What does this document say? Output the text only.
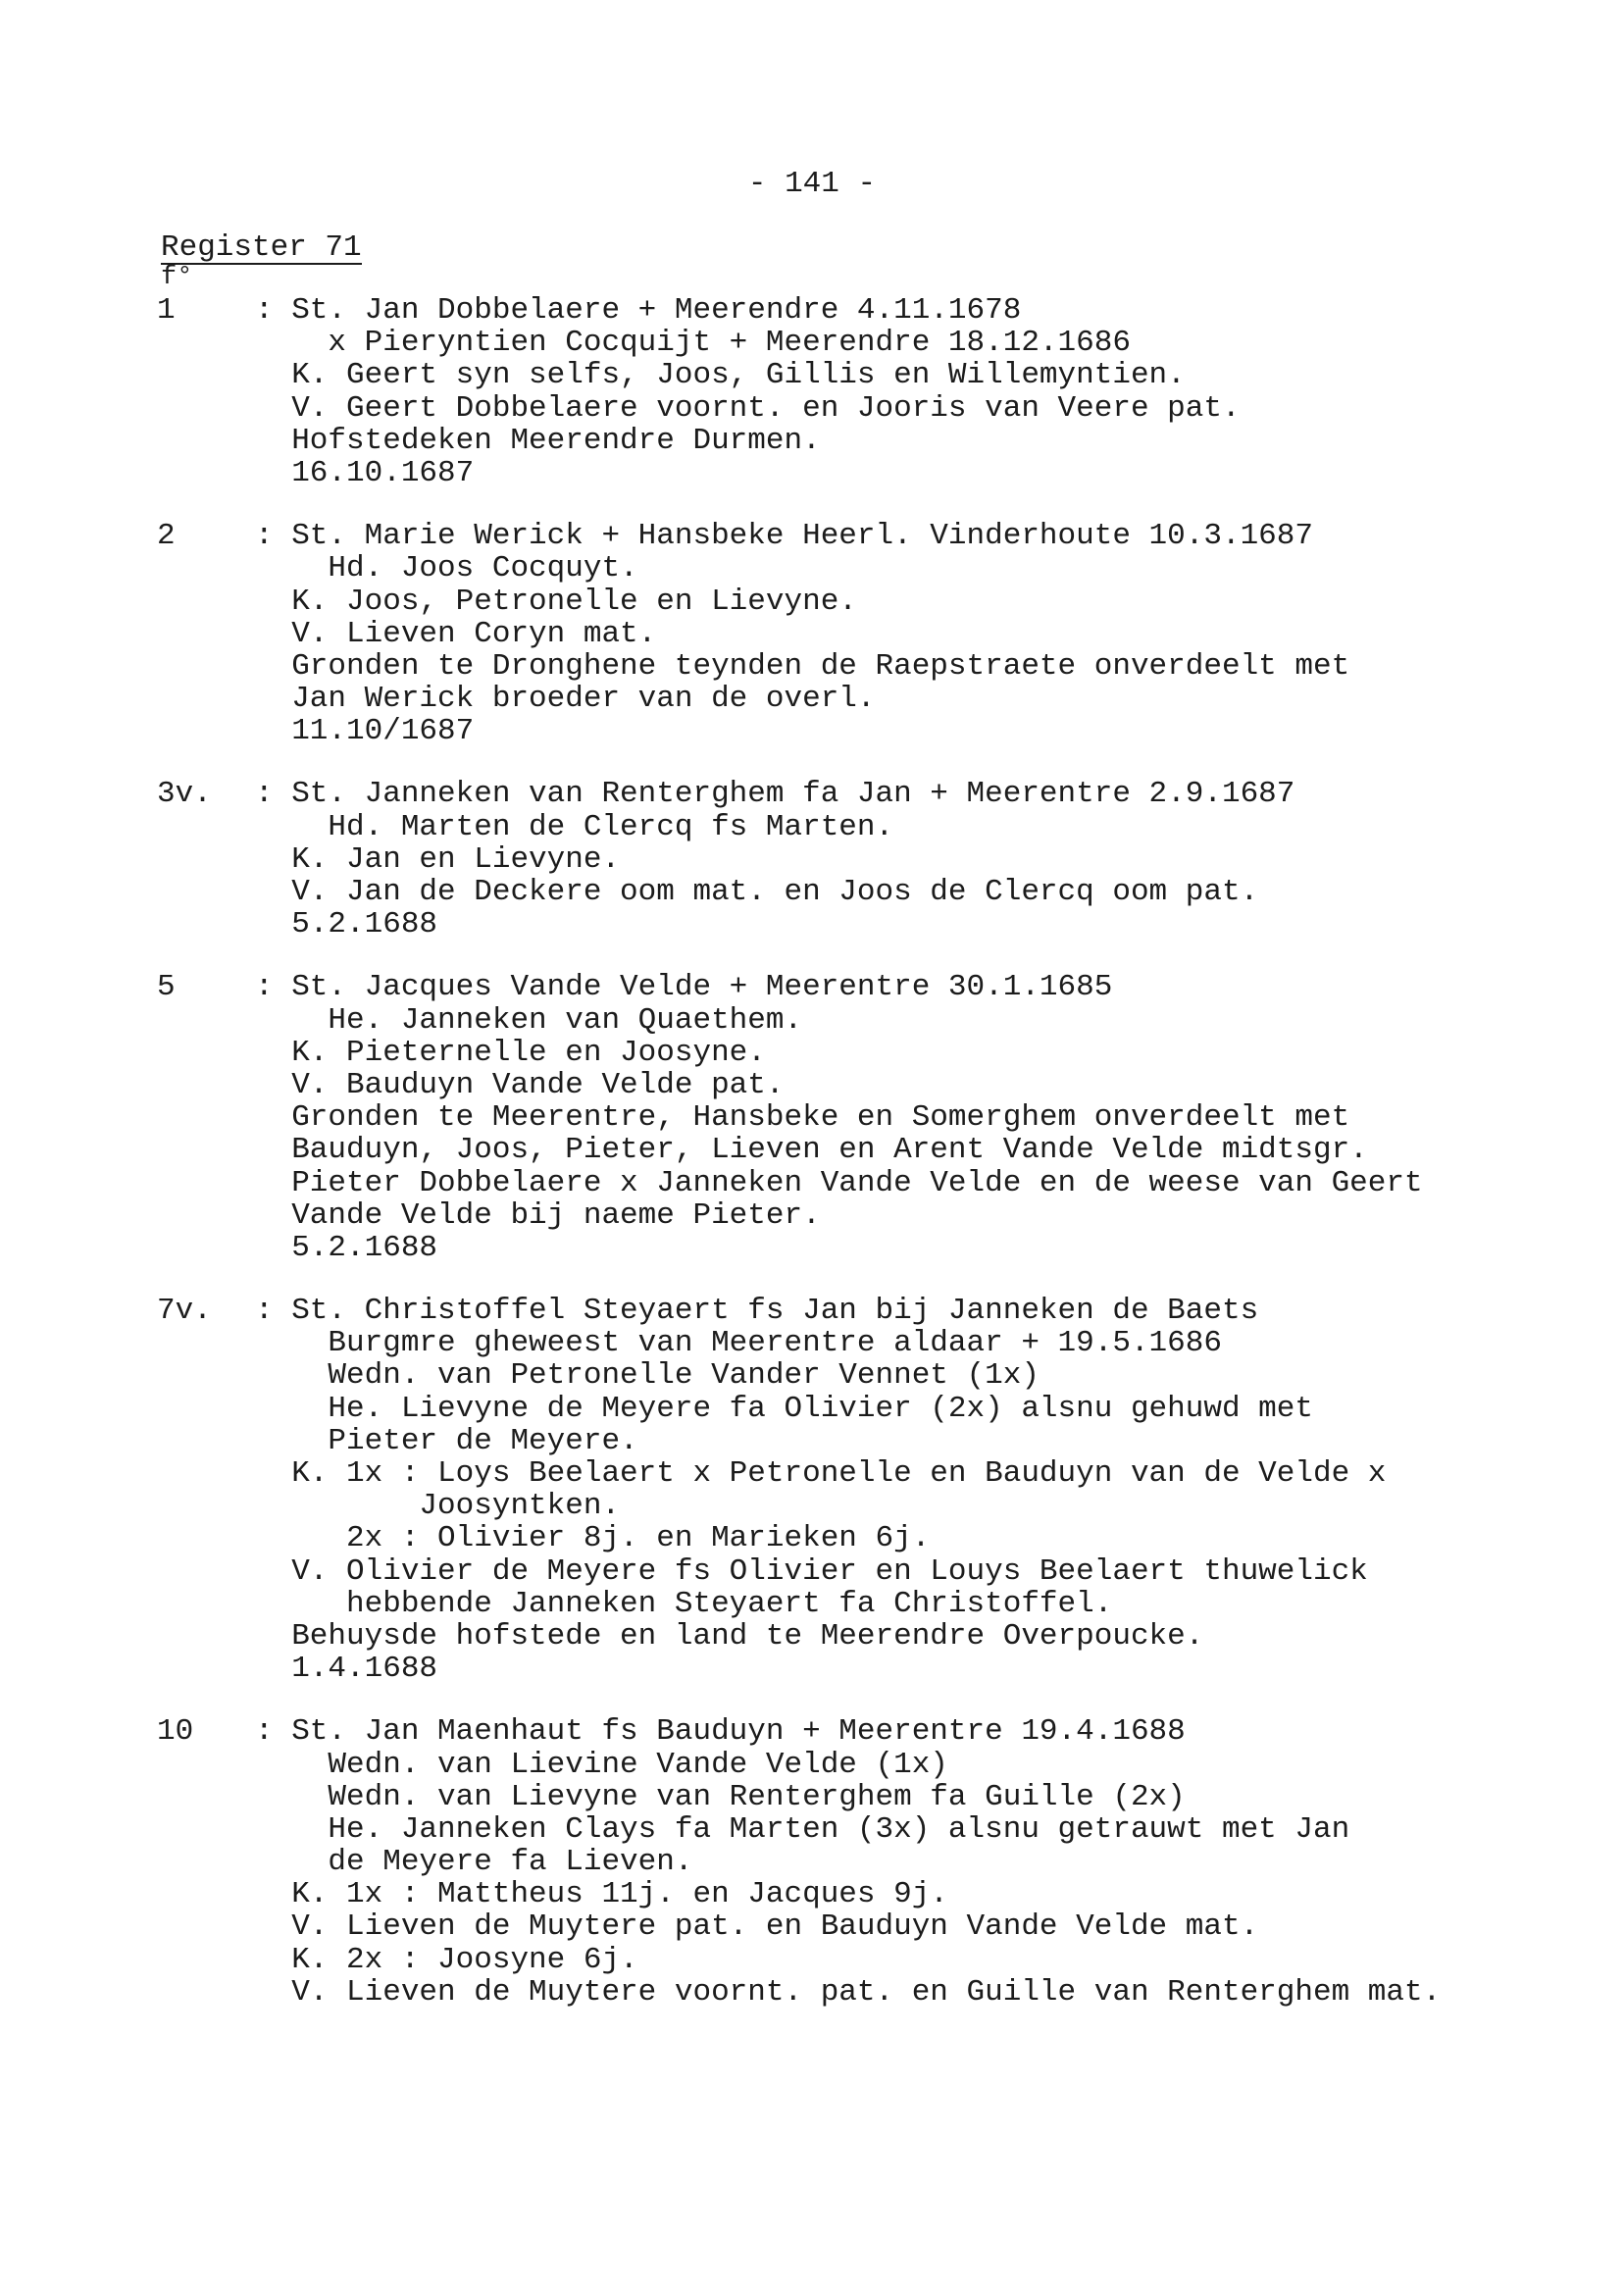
- 141 -
Register 71
f°
1	: St. Jan Dobbelaere + Meerendre 4.11.1678
x Pieryntien Cocquijt + Meerendre 18.12.1686
K. Geert syn selfs, Joos, Gillis en Willemyntien.
V. Geert Dobbelaere voornt. en Jooris van Veere pat.
Hofstedeken Meerendre Durmen.
16.10.1687
2	: St. Marie Werick + Hansbeke Heerl. Vinderhoute 10.3.1687
Hd. Joos Cocquyt.
K. Joos, Petronelle en Lievyne.
V. Lieven Coryn mat.
Gronden te Dronghene teynden de Raepstraete onverdeelt met
Jan Werick broeder van de overl.
11.10/1687
3v. : St. Janneken van Renterghem fa Jan + Meerentre 2.9.1687
Hd. Marten de Clercq fs Marten.
K. Jan en Lievyne.
V. Jan de Deckere oom mat. en Joos de Clercq oom pat.
5.2.1688
5	: St. Jacques Vande Velde + Meerentre 30.1.1685
He. Janneken van Quaethem.
K. Pieternelle en Joosyne.
V. Bauduyn Vande Velde pat.
Gronden te Meerentre, Hansbeke en Somerghem onverdeelt met
Bauduyn, Joos, Pieter, Lieven en Arent Vande Velde midtsgr.
Pieter Dobbelaere x Janneken Vande Velde en de weese van Geert
Vande Velde bij naeme Pieter.
5.2.1688
7v. : St. Christoffel Steyaert fs Jan bij Janneken de Baets
Burgmre gheweest van Meerentre aldaar + 19.5.1686
Wedn. van Petronelle Vander Vennet (1x)
He. Lievyne de Meyere fa Olivier (2x) alsnu gehuwd met
Pieter de Meyere.
K. 1x : Loys Beelaert x Petronelle en Bauduyn van de Velde x
Joosyntken.
2x : Olivier 8j. en Marieken 6j.
V. Olivier de Meyere fs Olivier en Louys Beelaert thuwelick
hebbende Janneken Steyaert fa Christoffel.
Behuysde hofstede en land te Meerendre Overpoucke.
1.4.1688
10 : St. Jan Maenhaut fs Bauduyn + Meerentre 19.4.1688
Wedn. van Lievine Vande Velde (1x)
Wedn. van Lievyne van Renterghem fa Guille (2x)
He. Janneken Clays fa Marten (3x) alsnu getrauwt met Jan
de Meyere fa Lieven.
K. 1x : Mattheus 11j. en Jacques 9j.
V. Lieven de Muytere pat. en Bauduyn Vande Velde mat.
K. 2x : Joosyne 6j.
V. Lieven de Muytere voornt. pat. en Guille van Renterghem mat.
